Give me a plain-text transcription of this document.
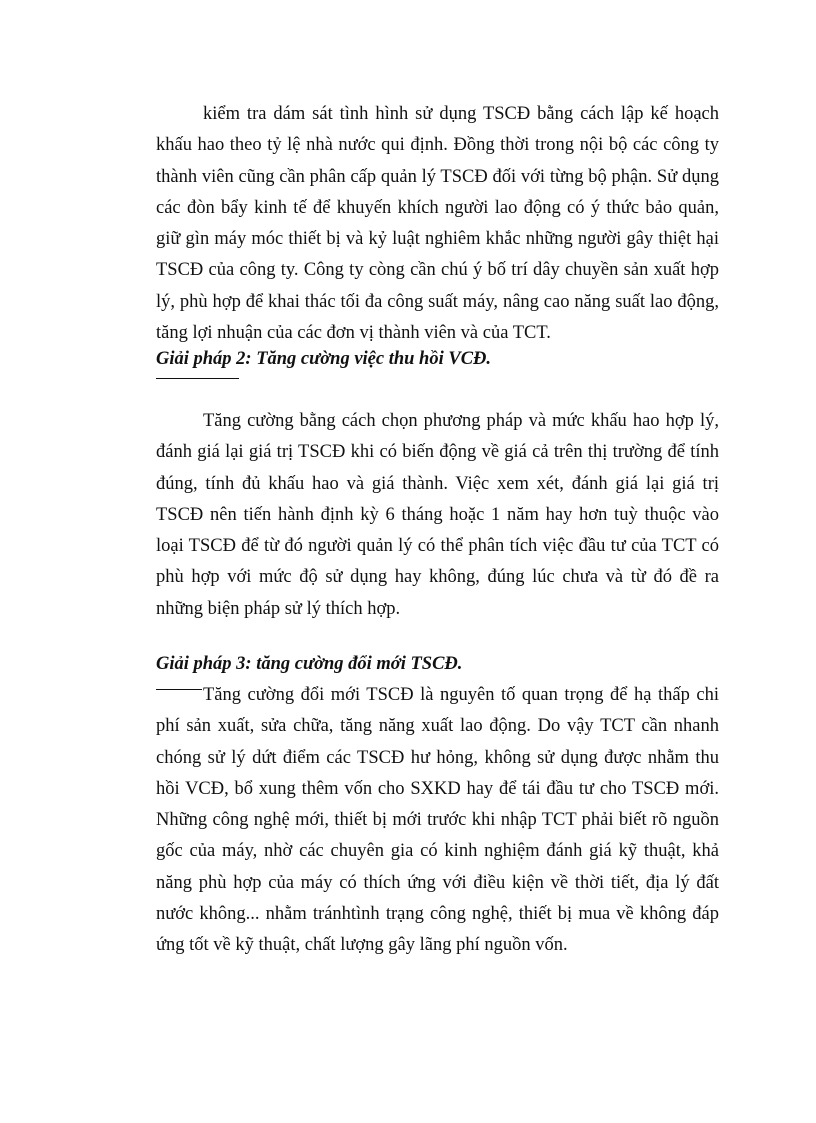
kiểm tra dám sát tình hình sử dụng TSCĐ bằng cách lập kế hoạch khấu hao theo tỷ lệ nhà nước qui định. Đồng thời trong nội bộ các công ty thành viên cũng cần phân cấp quản lý TSCĐ đối với từng bộ phận. Sử dụng các đòn bẩy kinh tế để khuyến khích người lao động có ý thức bảo quản, giữ gìn máy móc thiết bị và kỷ luật nghiêm khắc những người gây thiệt hại TSCĐ của công ty. Công ty còng cần chú ý bố trí dây chuyền sản xuất hợp lý, phù hợp để khai thác tối đa công suất máy, nâng cao năng suất lao động, tăng lợi nhuận của các đơn vị thành viên và của TCT.

Giải pháp 2: Tăng cường việc thu hồi VCĐ.

Tăng cường bằng cách chọn phương pháp và mức khấu hao hợp lý, đánh giá lại giá trị TSCĐ khi có biến động về giá cả trên thị trường để tính đúng, tính đủ khấu hao và giá thành. Việc xem xét, đánh giá lại giá trị TSCĐ nên tiến hành định kỳ 6 tháng hoặc 1 năm hay hơn tuỳ thuộc vào loại TSCĐ để từ đó người quản lý có thể phân tích việc đầu tư của TCT có phù hợp với mức độ sử dụng hay không, đúng lúc chưa và từ đó đề ra những biện pháp sử lý thích hợp.

Giải pháp 3: tăng cường đổi mới TSCĐ.

Tăng cường đổi mới TSCĐ là nguyên tố quan trọng để hạ thấp chi phí sản xuất, sửa chữa, tăng năng xuất lao động. Do vậy TCT cần nhanh chóng sử lý dứt điểm các TSCĐ hư hỏng, không sử dụng được nhằm thu hồi VCĐ, bổ xung thêm vốn cho SXKD hay để tái đầu tư cho TSCĐ mới. Những công nghệ mới, thiết bị mới trước khi nhập TCT phải biết rõ nguồn gốc của máy, nhờ các chuyên gia có kinh nghiệm đánh giá kỹ thuật, khả năng phù hợp của máy có thích ứng với điều kiện về thời tiết, địa lý đất nước không... nhằm tránhtình trạng công nghệ, thiết bị mua về không đáp ứng tốt về kỹ thuật, chất lượng gây lãng phí nguồn vốn.
